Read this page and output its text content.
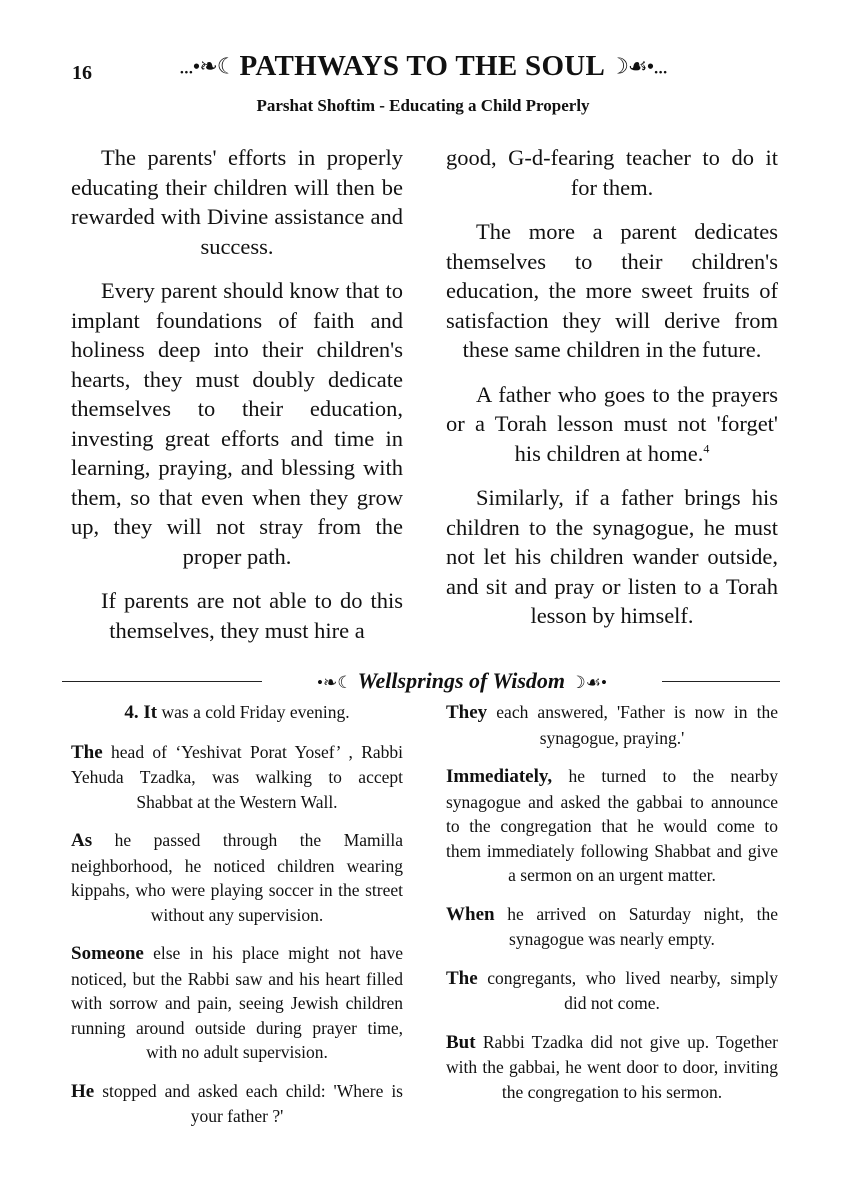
16	...•❧☾ PATHWAYS TO THE SOUL ☽☙•...
Parshat Shoftim - Educating a Child Properly

The parents' efforts in properly educating their children will then be rewarded with Divine assistance and success.

Every parent should know that to implant foundations of faith and holiness deep into their children's hearts, they must doubly dedicate themselves to their education, investing great efforts and time in learning, praying, and blessing with them, so that even when they grow up, they will not stray from the proper path.

If parents are not able to do this themselves, they must hire a

good, G-d-fearing teacher to do it for them.

The more a parent dedicates themselves to their children's education, the more sweet fruits of satisfaction they will derive from these same children in the future.

A father who goes to the prayers or a Torah lesson must not 'forget' his children at home.$^4$

Similarly, if a father brings his children to the synagogue, he must not let his children wander outside, and sit and pray or listen to a Torah lesson by himself.

•❧☾ Wellsprings of Wisdom ☽☙•

4. It was a cold Friday evening.

The head of ‘Yeshivat Porat Yosef’ , Rabbi Yehuda Tzadka, was walking to accept Shabbat at the Western Wall.

As he passed through the Mamilla neighborhood, he noticed children wearing kippahs, who were playing soccer in the street without any supervision.

Someone else in his place might not have noticed, but the Rabbi saw and his heart filled with sorrow and pain, seeing Jewish children running around outside during prayer time, with no adult supervision.

He stopped and asked each child: 'Where is your father ?'

They each answered, 'Father is now in the synagogue, praying.'

Immediately, he turned to the nearby synagogue and asked the gabbai to announce to the congregation that he would come to them immediately following Shabbat and give a sermon on an urgent matter.

When he arrived on Saturday night, the synagogue was nearly empty.

The congregants, who lived nearby, simply did not come.

But Rabbi Tzadka did not give up. Together with the gabbai, he went door to door, inviting the congregation to his sermon.
